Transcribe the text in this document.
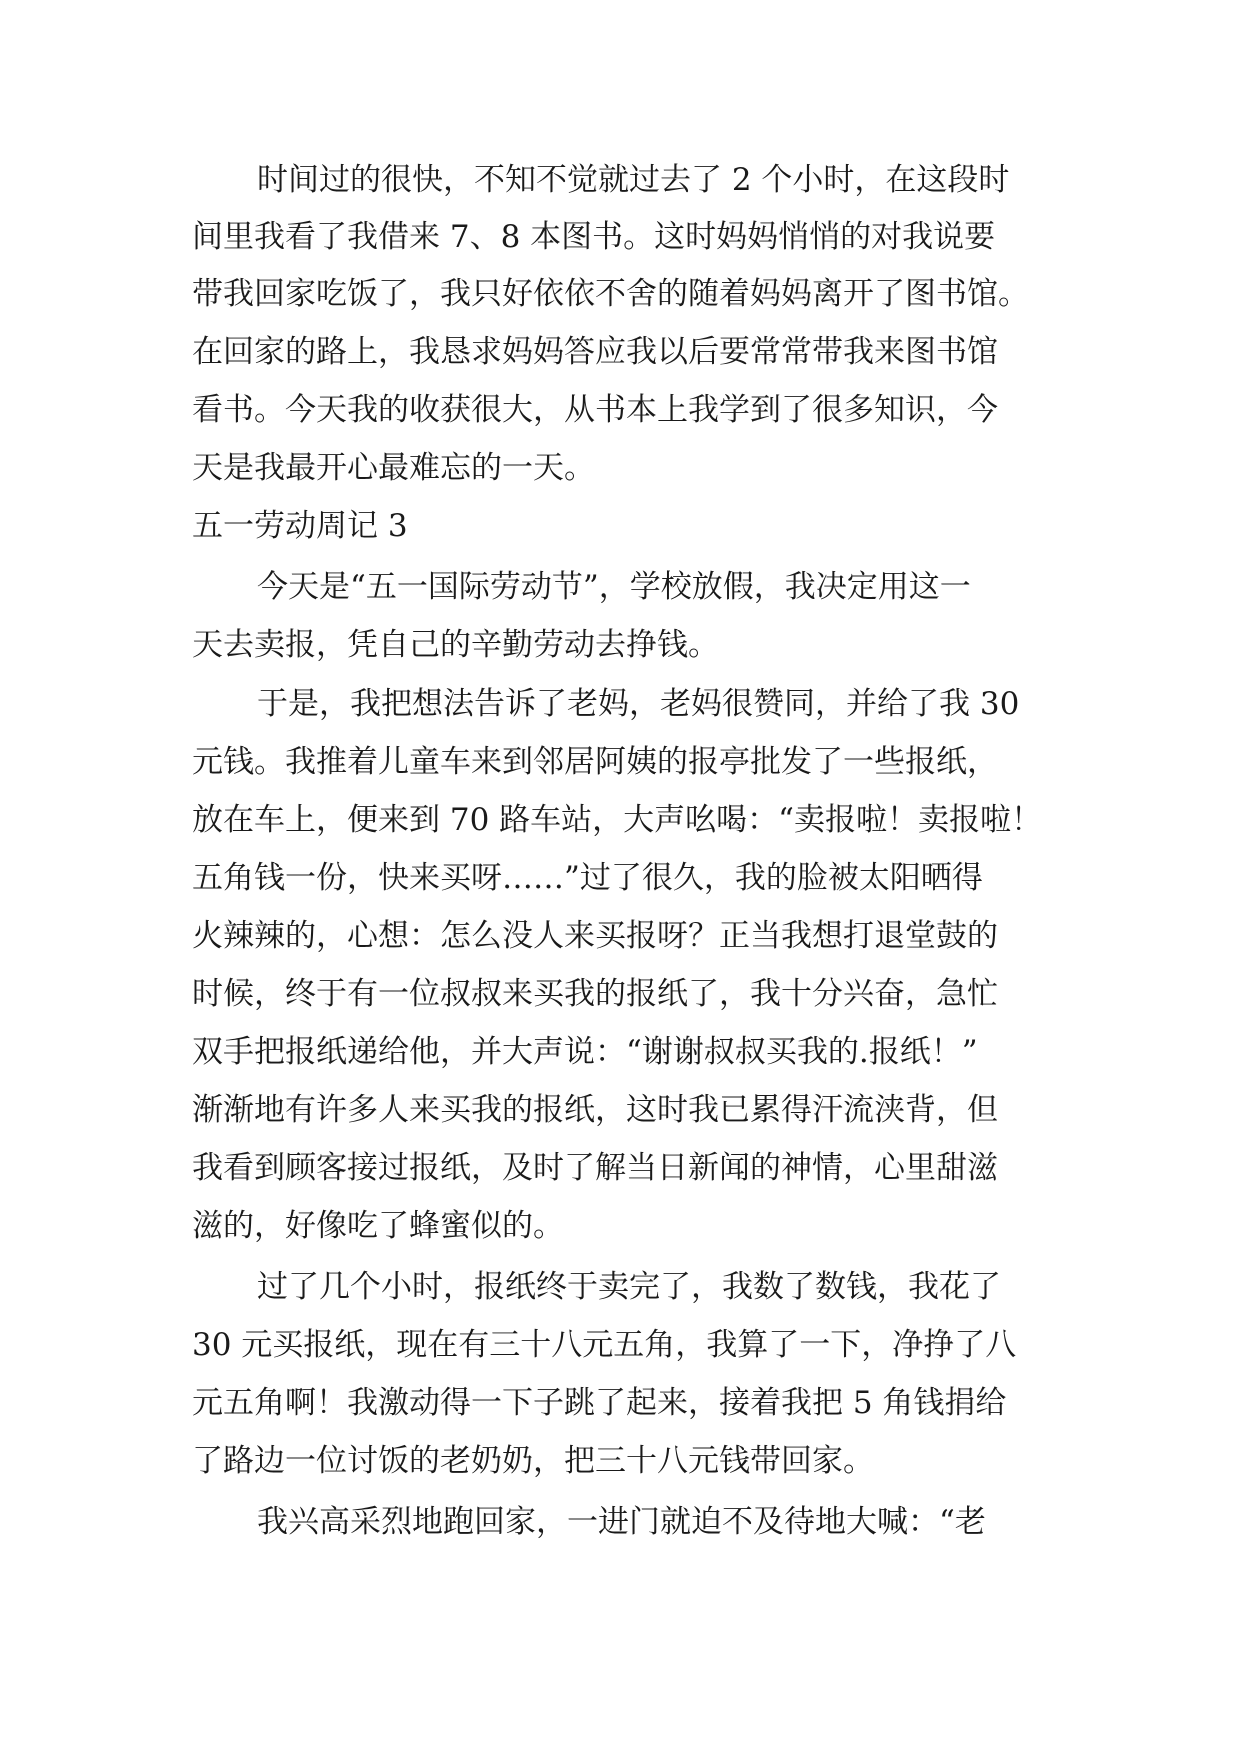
时间过的很快，不知不觉就过去了 2 个小时，在这段时
间里我看了我借来 7、8 本图书。这时妈妈悄悄的对我说要
带我回家吃饭了，我只好依依不舍的随着妈妈离开了图书馆。
在回家的路上，我恳求妈妈答应我以后要常常带我来图书馆
看书。今天我的收获很大，从书本上我学到了很多知识，今
天是我最开心最难忘的一天。
五一劳动周记 3
今天是“五一国际劳动节”，学校放假，我决定用这一
天去卖报，凭自己的辛勤劳动去挣钱。
于是，我把想法告诉了老妈，老妈很赞同，并给了我 30
元钱。我推着儿童车来到邻居阿姨的报亭批发了一些报纸，
放在车上，便来到 70 路车站，大声吆喝：“卖报啦！卖报啦！
五角钱一份，快来买呀……”过了很久，我的脸被太阳晒得
火辣辣的，心想：怎么没人来买报呀？正当我想打退堂鼓的
时候，终于有一位叔叔来买我的报纸了，我十分兴奋，急忙
双手把报纸递给他，并大声说：“谢谢叔叔买我的.报纸！”
渐渐地有许多人来买我的报纸，这时我已累得汗流浃背，但
我看到顾客接过报纸，及时了解当日新闻的神情，心里甜滋
滋的，好像吃了蜂蜜似的。
过了几个小时，报纸终于卖完了，我数了数钱，我花了
30 元买报纸，现在有三十八元五角，我算了一下，净挣了八
元五角啊！我激动得一下子跳了起来，接着我把 5 角钱捐给
了路边一位讨饭的老奶奶，把三十八元钱带回家。
我兴高采烈地跑回家，一进门就迫不及待地大喊：“老
